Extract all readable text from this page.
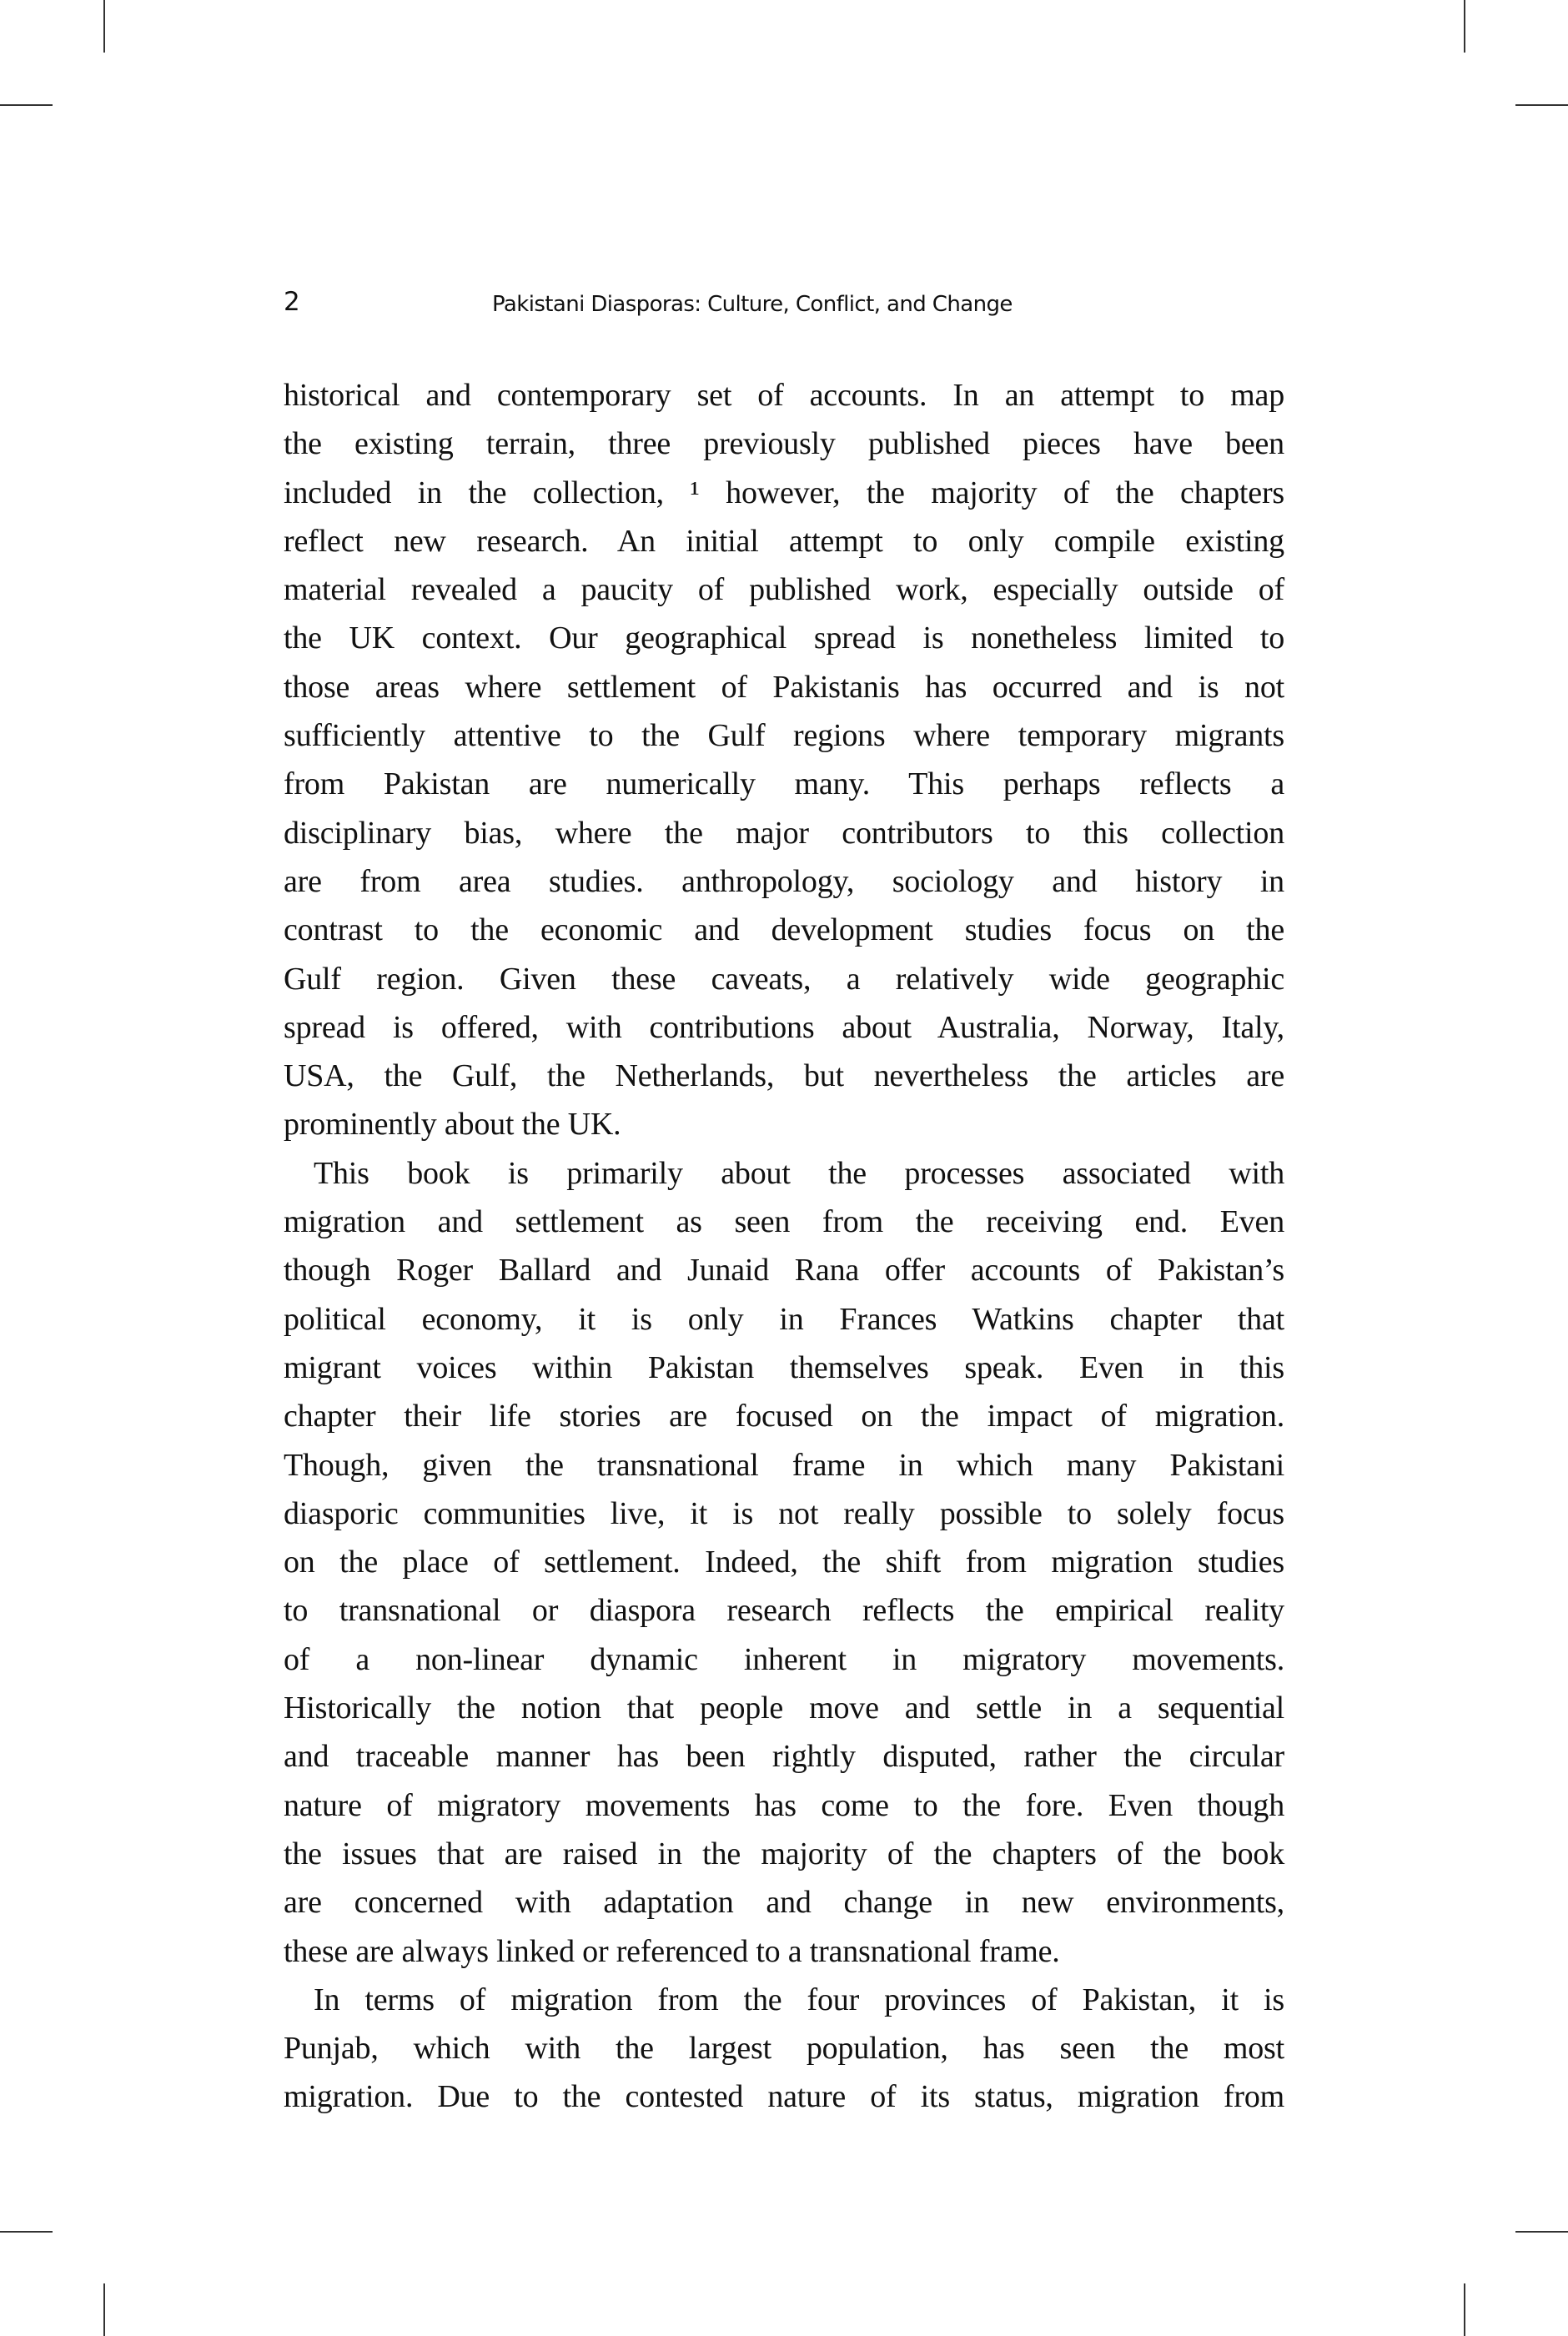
2	Pakistani Diasporas: Culture, Conflict, and Change
historical and contemporary set of accounts. In an attempt to map
the existing terrain, three previously published pieces have been
included in the collection, ¹ however, the majority of the chapters
reflect new research. An initial attempt to only compile existing
material revealed a paucity of published work, especially outside of
the UK context. Our geographical spread is nonetheless limited to
those areas where settlement of Pakistanis has occurred and is not
sufficiently attentive to the Gulf regions where temporary migrants
from Pakistan are numerically many. This perhaps reflects a
disciplinary bias, where the major contributors to this collection
are from area studies. anthropology, sociology and history in
contrast to the economic and development studies focus on the
Gulf region. Given these caveats, a relatively wide geographic
spread is offered, with contributions about Australia, Norway, Italy,
USA, the Gulf, the Netherlands, but nevertheless the articles are
prominently about the UK.
This book is primarily about the processes associated with
migration and settlement as seen from the receiving end. Even
though Roger Ballard and Junaid Rana offer accounts of Pakistan’s
political economy, it is only in Frances Watkins chapter that
migrant voices within Pakistan themselves speak. Even in this
chapter their life stories are focused on the impact of migration.
Though, given the transnational frame in which many Pakistani
diasporic communities live, it is not really possible to solely focus
on the place of settlement. Indeed, the shift from migration studies
to transnational or diaspora research reflects the empirical reality
of a non-linear dynamic inherent in migratory movements.
Historically the notion that people move and settle in a sequential
and traceable manner has been rightly disputed, rather the circular
nature of migratory movements has come to the fore. Even though
the issues that are raised in the majority of the chapters of the book
are concerned with adaptation and change in new environments,
these are always linked or referenced to a transnational frame.
In terms of migration from the four provinces of Pakistan, it is
Punjab, which with the largest population, has seen the most
migration. Due to the contested nature of its status, migration from
